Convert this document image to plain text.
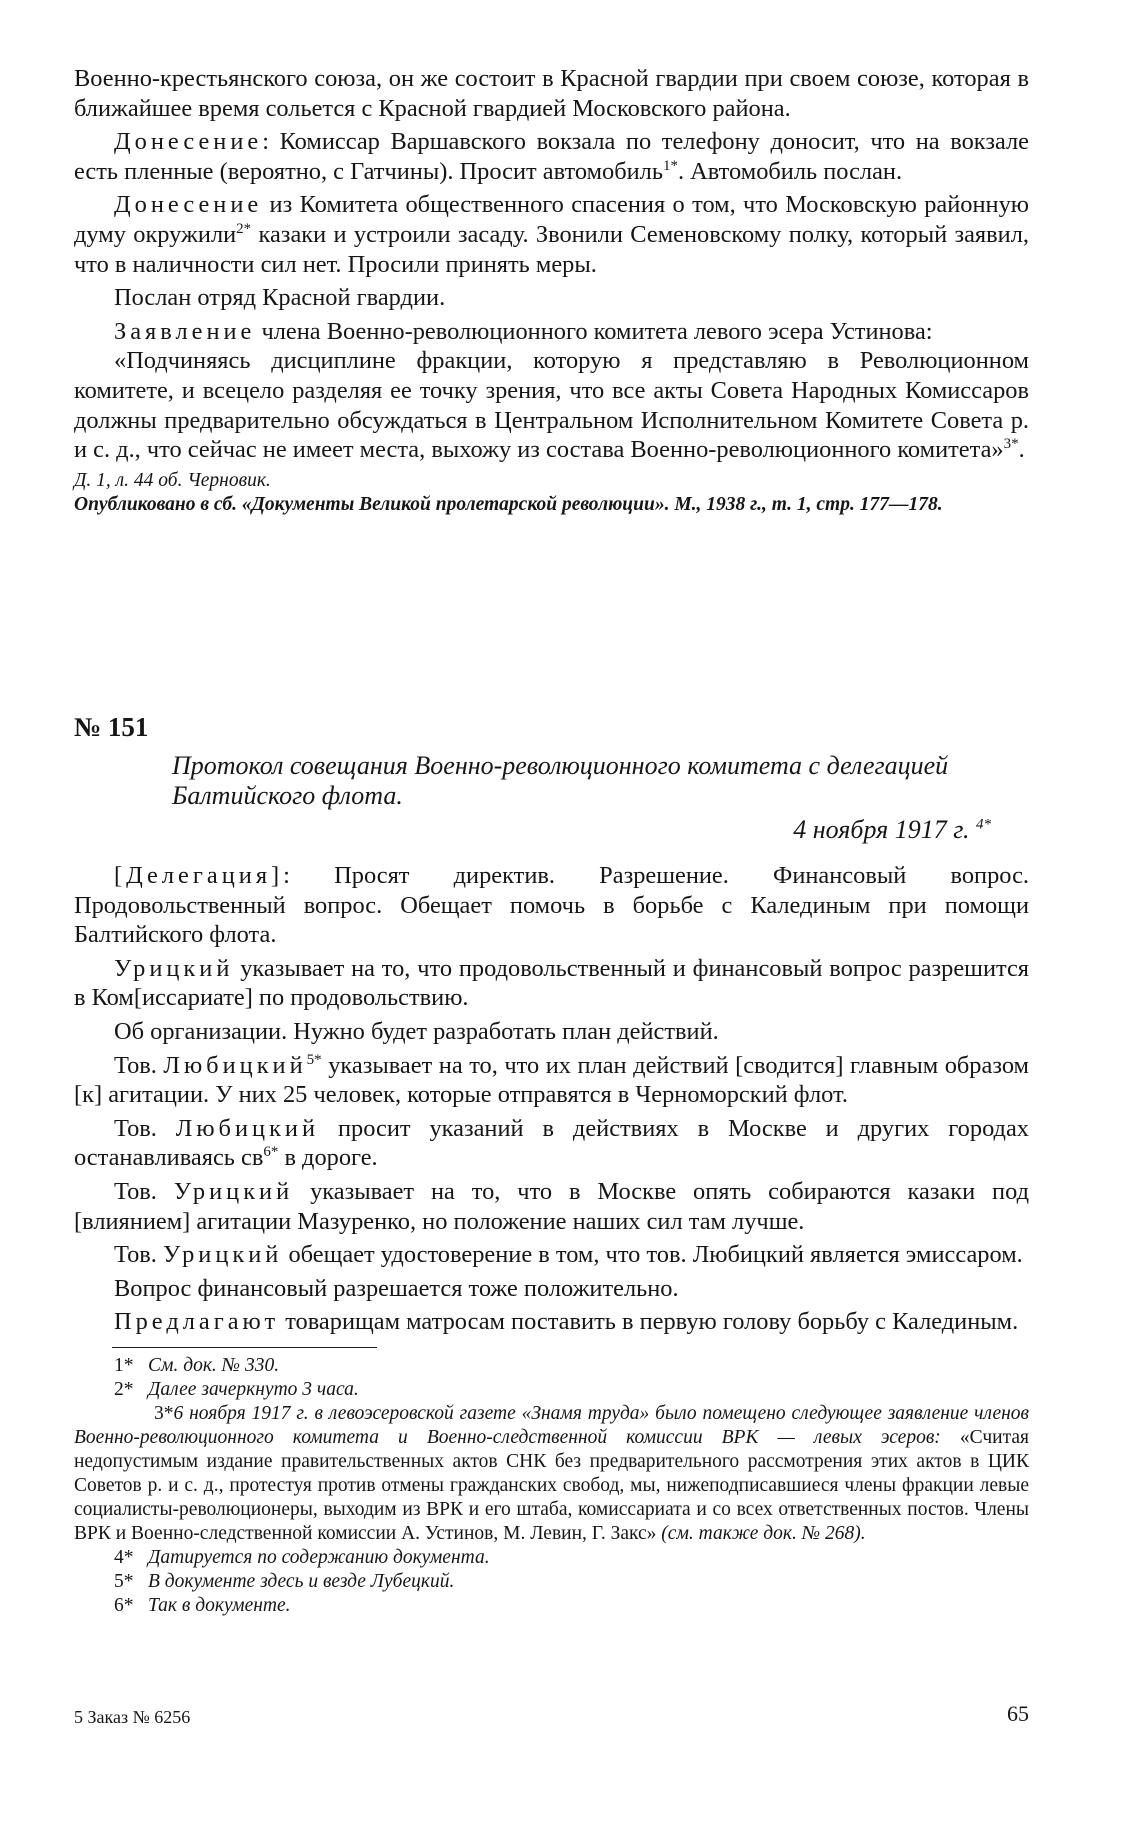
Военно-крестьянского союза, он же состоит в Красной гвардии при своем союзе, которая в ближайшее время сольется с Красной гвардией Московского района.

Донесение: Комиссар Варшавского вокзала по телефону доносит, что на вокзале есть пленные (вероятно, с Гатчины). Просит автомобиль$^{1*}$. Автомобиль послан.

Донесение из Комитета общественного спасения о том, что Московскую районную думу окружили$^{2*}$ казаки и устроили засаду. Звонили Семеновскому полку, который заявил, что в наличности сил нет. Просили принять меры.

Послан отряд Красной гвардии.

Заявление члена Военно-революционного комитета левого эсера Устинова:

«Подчиняясь дисциплине фракции, которую я представляю в Революционном комитете, и всецело разделяя ее точку зрения, что все акты Совета Народных Комиссаров должны предварительно обсуждаться в Центральном Исполнительном Комитете Совета р. и с. д., что сейчас не имеет места, выхожу из состава Военно-революционного комитета»$^{3*}$.

Д. 1, л. 44 об. Черновик.

Опубликовано в сб. «Документы Великой пролетарской революции». М., 1938 г., т. 1, стр. 177—178.

№ 151

Протокол совещания Военно-революционного комитета с делегацией Балтийского флота.

4 ноября 1917 г. $^{4*}$

[Делегация]: Просят директив. Разрешение. Финансовый вопрос. Продовольственный вопрос. Обещает помочь в борьбе с Калединым при помощи Балтийского флота.

Урицкий указывает на то, что продовольственный и финансовый вопрос разрешится в Ком[иссариате] по продовольствию.

Об организации. Нужно будет разработать план действий.

Тов. Любицкий$^{5*}$ указывает на то, что их план действий [сводится] главным образом [к] агитации. У них 25 человек, которые отправятся в Черноморский флот.

Тов. Любицкий просит указаний в действиях в Москве и других городах останавливаясь $св^{6*}$ в дороге.

Тов. Урицкий указывает на то, что в Москве опять собираются казаки под [влиянием] агитации Мазуренко, но положение наших сил там лучше.

Тов. Урицкий обещает удостоверение в том, что тов. Любицкий является эмиссаром.

Вопрос финансовый разрешается тоже положительно.

Предлагают товарищам матросам поставить в первую голову борьбу с Калединым.

1* См. док. № 330.

2* Далее зачеркнуто 3 часа.

3*6 ноября 1917 г. в левоэсеровской газете «Знамя труда» было помещено следующее заявление членов Военно-революционного комитета и Военно-следственной комиссии ВРК — левых эсеров: «Считая недопустимым издание правительственных актов СНК без предварительного рассмотрения этих актов в ЦИК Советов р. и с. д., протестуя против отмены гражданских свобод, мы, нижеподписавшиеся члены фракции левые социалисты-революционеры, выходим из ВРК и его штаба, комиссариата и со всех ответственных постов. Члены ВРК и Военно-следственной комиссии А. Устинов, М. Левин, Г. Закс» (см. также док. № 268).

4* Датируется по содержанию документа.

5* В документе здесь и везде Лубецкий.

6* Так в документе.

5 Заказ № 6256	65
